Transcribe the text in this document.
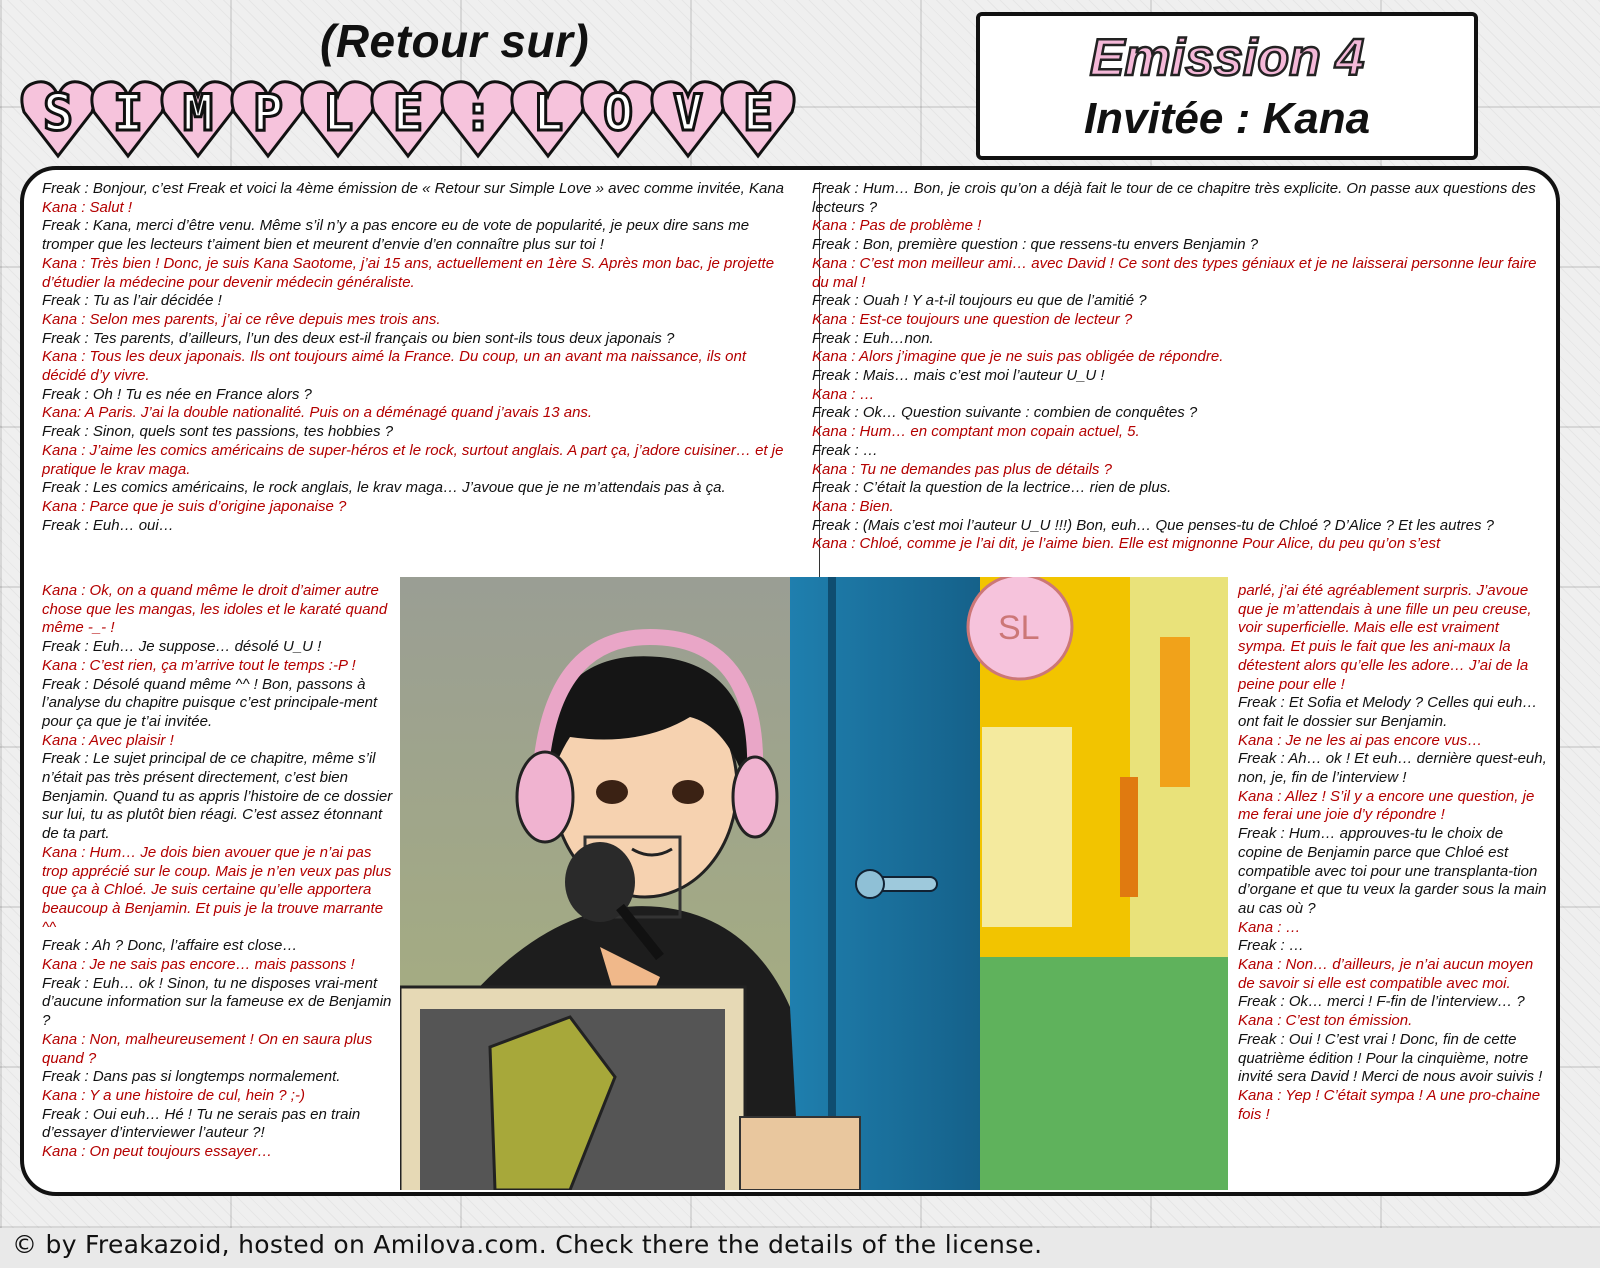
(Retour sur)
S I M P L E : L O V E
Emission 4
Invitée : Kana

Freak : Bonjour, c’est Freak et voici la 4ème émission de « Retour sur Simple Love » avec comme invitée, Kana

Kana : Salut !

Freak : Kana, merci d’être venu. Même s’il n’y a pas encore eu de vote de popularité, je peux dire sans me tromper que les lecteurs t’aiment bien et meurent d’envie d’en connaître plus sur toi !

Kana : Très bien ! Donc, je suis Kana Saotome, j’ai 15 ans, actuellement en 1ère S. Après mon bac, je projette d’étudier la médecine pour devenir médecin généraliste.

Freak : Tu as l’air décidée !

Kana : Selon mes parents, j’ai ce rêve depuis mes trois ans.

Freak : Tes parents, d’ailleurs, l’un des deux est-il français ou bien sont-ils tous deux japonais ?

Kana : Tous les deux japonais. Ils ont toujours aimé la France. Du coup, un an avant ma naissance, ils ont décidé d’y vivre.

Freak : Oh ! Tu es née en France alors ?

Kana: A Paris. J’ai la double nationalité. Puis on a déménagé quand j’avais 13 ans.

Freak : Sinon, quels sont tes passions, tes hobbies ?

Kana : J’aime les comics américains de super-héros et le rock, surtout anglais. A part ça, j’adore cuisiner… et je pratique le krav maga.

Freak : Les comics américains, le rock anglais, le krav maga… J’avoue que je ne m’attendais pas à ça.

Kana : Parce que je suis d’origine japonaise ?

Freak : Euh… oui…

Kana : Ok, on a quand même le droit d’aimer autre chose que les mangas, les idoles et le karaté quand même -_- !

Freak : Euh… Je suppose… désolé U_U !

Kana : C’est rien, ça m’arrive tout le temps :-P !

Freak : Désolé quand même ^^ ! Bon, passons à l’analyse du chapitre puisque c’est principale-ment pour ça que je t’ai invitée.

Kana : Avec plaisir !

Freak : Le sujet principal de ce chapitre, même s’il n’était pas très présent directement, c’est bien Benjamin. Quand tu as appris l’histoire de ce dossier sur lui, tu as plutôt bien réagi. C’est assez étonnant de ta part.

Kana : Hum… Je dois bien avouer que je n’ai pas trop apprécié sur le coup. Mais je n’en veux pas plus que ça à Chloé. Je suis certaine qu’elle apportera beaucoup à Benjamin. Et puis je la trouve marrante ^^

Freak : Ah ? Donc, l’affaire est close…

Kana : Je ne sais pas encore… mais passons !

Freak : Euh… ok ! Sinon, tu ne disposes vrai-ment d’aucune information sur la fameuse ex de Benjamin ?

Kana : Non, malheureusement ! On en saura plus quand ?

Freak : Dans pas si longtemps normalement.

Kana : Y a une histoire de cul, hein ? ;-)

Freak : Oui euh… Hé ! Tu ne serais pas en train d’essayer d’interviewer l’auteur ?!

Kana : On peut toujours essayer…

Freak : Hum… Bon, je crois qu’on a déjà fait le tour de ce chapitre très explicite. On passe aux questions des lecteurs ?

Kana : Pas de problème !

Freak : Bon, première question : que ressens-tu envers Benjamin ?

Kana : C’est mon meilleur ami… avec David ! Ce sont des types géniaux et je ne laisserai personne leur faire du mal !

Freak : Ouah ! Y a-t-il toujours eu que de l’amitié ?

Kana : Est-ce toujours une question de lecteur ?

Freak : Euh…non.

Kana : Alors j’imagine que je ne suis pas obligée de répondre.

Freak : Mais… mais c’est moi l’auteur U_U !

Kana : …

Freak : Ok… Question suivante : combien de conquêtes ?

Kana : Hum… en comptant mon copain actuel, 5.

Freak : …

Kana : Tu ne demandes pas plus de détails ?

Freak : C’était la question de la lectrice… rien de plus.

Kana : Bien.

Freak : (Mais c’est moi l’auteur U_U !!!) Bon, euh… Que penses-tu de Chloé ? D’Alice ? Et les autres ?

Kana : Chloé, comme je l’ai dit, je l’aime bien. Elle est mignonne Pour Alice, du peu qu’on s’est

parlé, j’ai été agréablement surpris. J’avoue que je m’attendais à une fille un peu creuse, voir superficielle. Mais elle est vraiment sympa. Et puis le fait que les ani-maux la détestent alors qu’elle les adore… J’ai de la peine pour elle !

Freak : Et Sofia et Melody ? Celles qui euh… ont fait le dossier sur Benjamin.

Kana : Je ne les ai pas encore vus…

Freak : Ah… ok ! Et euh… dernière quest-euh, non, je, fin de l’interview !

Kana : Allez ! S’il y a encore une question, je me ferai une joie d’y répondre !

Freak : Hum… approuves-tu le choix de copine de Benjamin parce que Chloé est compatible avec toi pour une transplanta-tion d’organe et que tu veux la garder sous la main au cas où ?

Kana : …

Freak : …

Kana : Non… d’ailleurs, je n’ai aucun moyen de savoir si elle est compatible avec moi.

Freak : Ok… merci ! F-fin de l’interview… ?

Kana : C’est ton émission.

Freak : Oui ! C’est vrai ! Donc, fin de cette quatrième édition ! Pour la cinquième, notre invité sera David ! Merci de nous avoir suivis !

Kana : Yep ! C’était sympa ! A une pro-chaine fois !

SL
© by Freakazoid, hosted on Amilova.com. Check there the details of the license.
